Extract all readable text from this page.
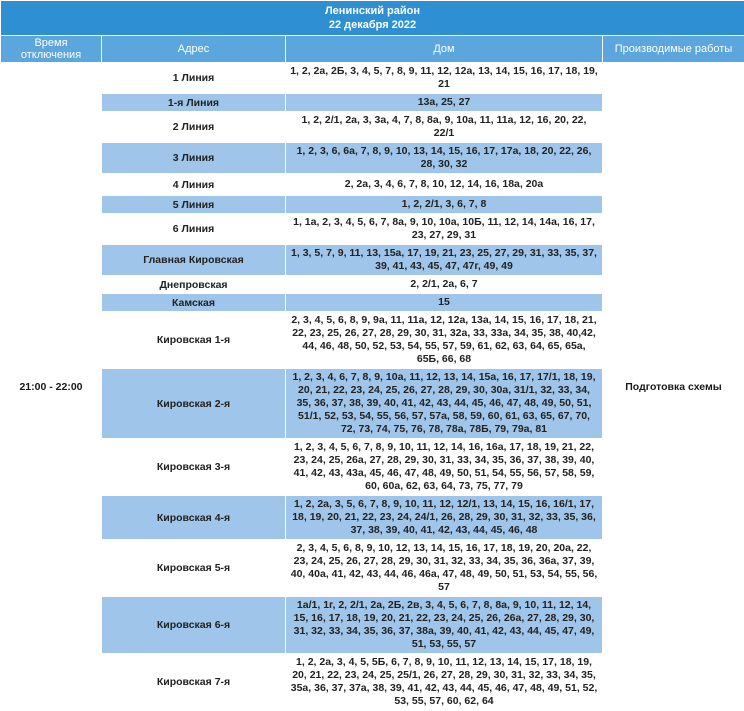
Ленинский район
22 декабря 2022			

Время отключения	Адрес	Дом	Производимые работы
21:00 - 22:00	1 Линия	1, 2, 2а, 2Б, 3, 4, 5, 7, 8, 9, 11, 12, 12а, 13, 14, 15, 16, 17, 18, 19, 21	Подготовка схемы
	1-я Линия	13а, 25, 27	
	2 Линия	1, 2, 2/1, 2а, 3, 3а, 4, 7, 8, 8а, 9, 10а, 11, 11а, 12, 16, 20, 22, 22/1	
	3 Линия	1, 2, 3, 6, 6а, 7, 8, 9, 10, 13, 14, 15, 16, 17, 17а, 18, 20, 22, 26, 28, 30, 32	
	4 Линия	2, 2а, 3, 4, 6, 7, 8, 10, 12, 14, 16, 18а, 20а	
	5 Линия	1, 2, 2/1, 3, 6, 7, 8	
	6 Линия	1, 1а, 2, 3, 4, 5, 6, 7, 8а, 9, 10, 10а, 10Б, 11, 12, 14, 14а, 16, 17, 23, 27, 29, 31	
	Главная Кировская	1, 3, 5, 7, 9, 11, 13, 15а, 17, 19, 21, 23, 25, 27, 29, 31, 33, 35, 37, 39, 41, 43, 45, 47, 47г, 49, 49	
	Днепровская	2, 2/1, 2а, 6, 7	
	Камская	15	
	Кировская 1-я	2, 3, 4, 5, 6, 8, 9, 9а, 11, 11а, 12, 12а, 13а, 14, 15, 16, 17, 18, 21, 22, 23, 25, 26, 27, 28, 29, 30, 31, 32а, 33, 33а, 34, 35, 38, 40,42, 44, 46, 48, 50, 52, 53, 54, 55, 57, 59, 61, 62, 63, 64, 65, 65а, 65Б, 66, 68	
	Кировская 2-я	1, 2, 3, 4, 6, 7, 8, 9, 10а, 11, 12, 13, 14, 15а, 16, 17, 17/1, 18, 19, 20, 21, 22, 23, 24, 25, 26, 27, 28, 29, 30, 30а, 31/1, 32, 33, 34, 35, 36, 37, 38, 39, 40, 41, 42, 43, 44, 45, 46, 47, 48, 49, 50, 51, 51/1, 52, 53, 54, 55, 56, 57, 57а, 58, 59, 60, 61, 63, 65, 67, 70, 72, 73, 74, 75, 76, 78, 78а, 78Б, 79, 79а, 81	
	Кировская 3-я	1, 2, 3, 4, 5, 6, 7, 8, 9, 10, 11, 12, 14, 16, 16а, 17, 18, 19, 21, 22, 23, 24, 25, 26а, 27, 28, 29, 30, 31, 33, 34, 35, 36, 37, 38, 39, 40, 41, 42, 43, 43а, 45, 46, 47, 48, 49, 50, 51, 54, 55, 56, 57, 58, 59, 60, 60а, 62, 63, 64, 73, 75, 77, 79	
	Кировская 4-я	1, 2, 2а, 3, 5, 6, 7, 8, 9, 10, 11, 12, 12/1, 13, 14, 15, 16, 16/1, 17, 18, 19, 20, 21, 22, 23, 24, 24/1, 26, 28, 29, 30, 31, 32, 33, 35, 36, 37, 38, 39, 40, 41, 42, 43, 44, 45, 46, 48	
	Кировская 5-я	2, 3, 4, 5, 6, 8, 9, 10, 12, 13, 14, 15, 16, 17, 18, 19, 20, 20а, 22, 23, 24, 25, 26, 27, 28, 29, 30, 31, 32, 33, 34, 35, 36, 36а, 37, 39, 40, 40а, 41, 42, 43, 44, 46, 46а, 47, 48, 49, 50, 51, 53, 54, 55, 56, 57	
	Кировская 6-я	1а/1, 1г, 2, 2/1, 2а, 2Б, 2в, 3, 4, 5, 6, 7, 8, 8а, 9, 10, 11, 12, 14, 15, 16, 17, 18, 19, 20, 21, 22, 23, 24, 25, 26, 26а, 27, 28, 29, 30, 31, 32, 33, 34, 35, 36, 37, 38а, 39, 40, 41, 42, 43, 44, 45, 47, 49, 51, 53, 55, 57	
	Кировская 7-я	1, 2, 2а, 3, 4, 5, 5Б, 6, 7, 8, 9, 10, 11, 12, 13, 14, 15, 17, 18, 19, 20, 21, 22, 23, 24, 25, 25/1, 26, 27, 28, 29, 30, 31, 32, 33, 34, 35, 35а, 36, 37, 37а, 38, 39, 41, 42, 43, 44, 45, 46, 47, 48, 49, 51, 52, 53, 55, 57, 60, 62, 64	
